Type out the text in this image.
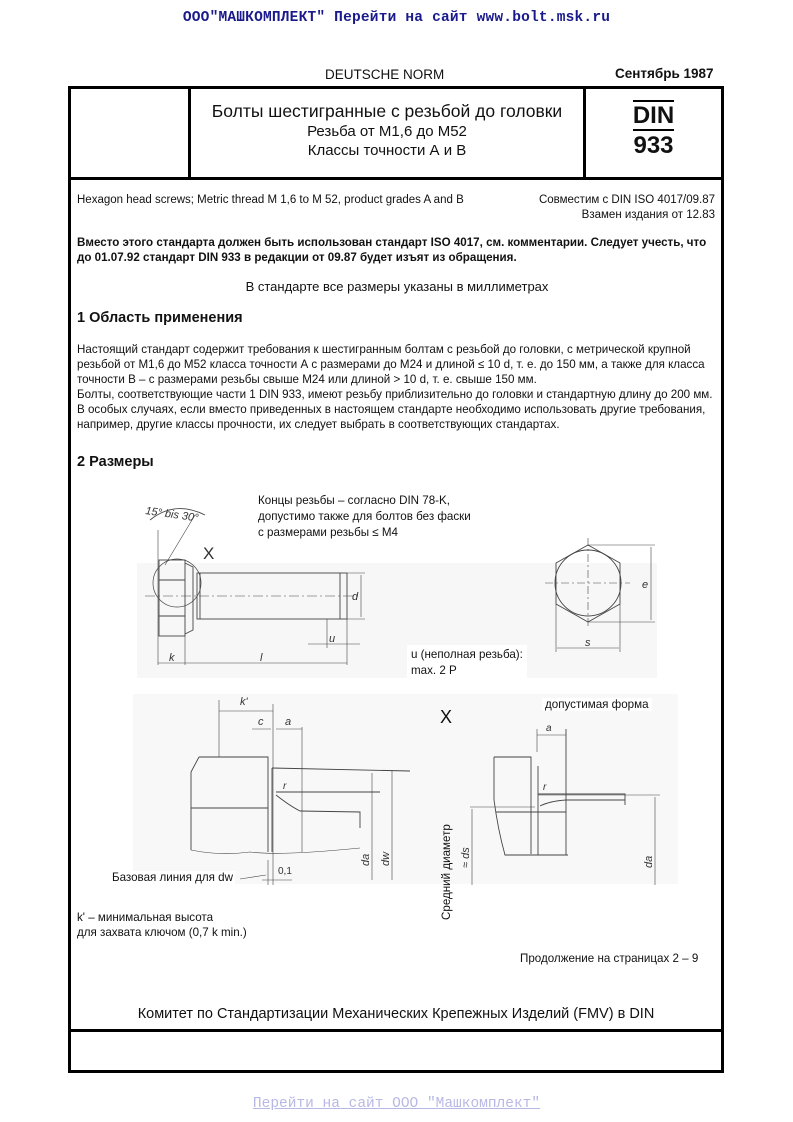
ООО"МАШКОМПЛЕКТ" Перейти на сайт www.bolt.msk.ru
DEUTSCHE NORM	Сентябрь 1987
Болты шестигранные с резьбой до головки
Резьба от М1,6 до М52
Классы точности А и В
DIN
933
Hexagon head screws; Metric thread M 1,6 to M 52, product grades A and B	Совместим с DIN ISO 4017/09.87
Взамен издания от 12.83
Вместо этого стандарта должен быть использован стандарт ISO 4017, см. комментарии. Следует учесть, что до 01.07.92 стандарт DIN 933 в редакции от 09.87 будет изъят из обращения.
В стандарте все размеры указаны в миллиметрах
1 Область применения
Настоящий стандарт содержит требования к шестигранным болтам с резьбой до головки, с метрической крупной резьбой от М1,6 до М52 класса точности А с размерами до М24 и длиной ≤ 10 d, т. е. до 150 мм, а также для класса точности В – с размерами резьбы свыше М24 или длиной > 10 d, т. е. свыше 150 мм.
Болты, соответствующие части 1 DIN 933, имеют резьбу приблизительно до головки и стандартную длину до 200 мм.
В особых случаях, если вместо приведенных в настоящем стандарте необходимо использовать другие требования, например, другие классы прочности, их следует выбрать в соответствующих стандартах.
2 Размеры
15° bis 30°
X
d
u
k	l
e
s
k'
c a
r
0,1
da dw
a
r
da
≈ ds
Концы резьбы – согласно DIN 78-K,
допустимо также для болтов без фаски
с размерами резьбы ≤ M4
u (неполная резьба):
max. 2 P
X
допустимая форма
Базовая линия для dw	Средний диаметр
k' – минимальная высота
для захвата ключом (0,7 k min.)
Продолжение на страницах 2 – 9
Комитет по Стандартизации Механических Крепежных Изделий (FMV) в DIN
Перейти на сайт ООО "Машкомплект"
